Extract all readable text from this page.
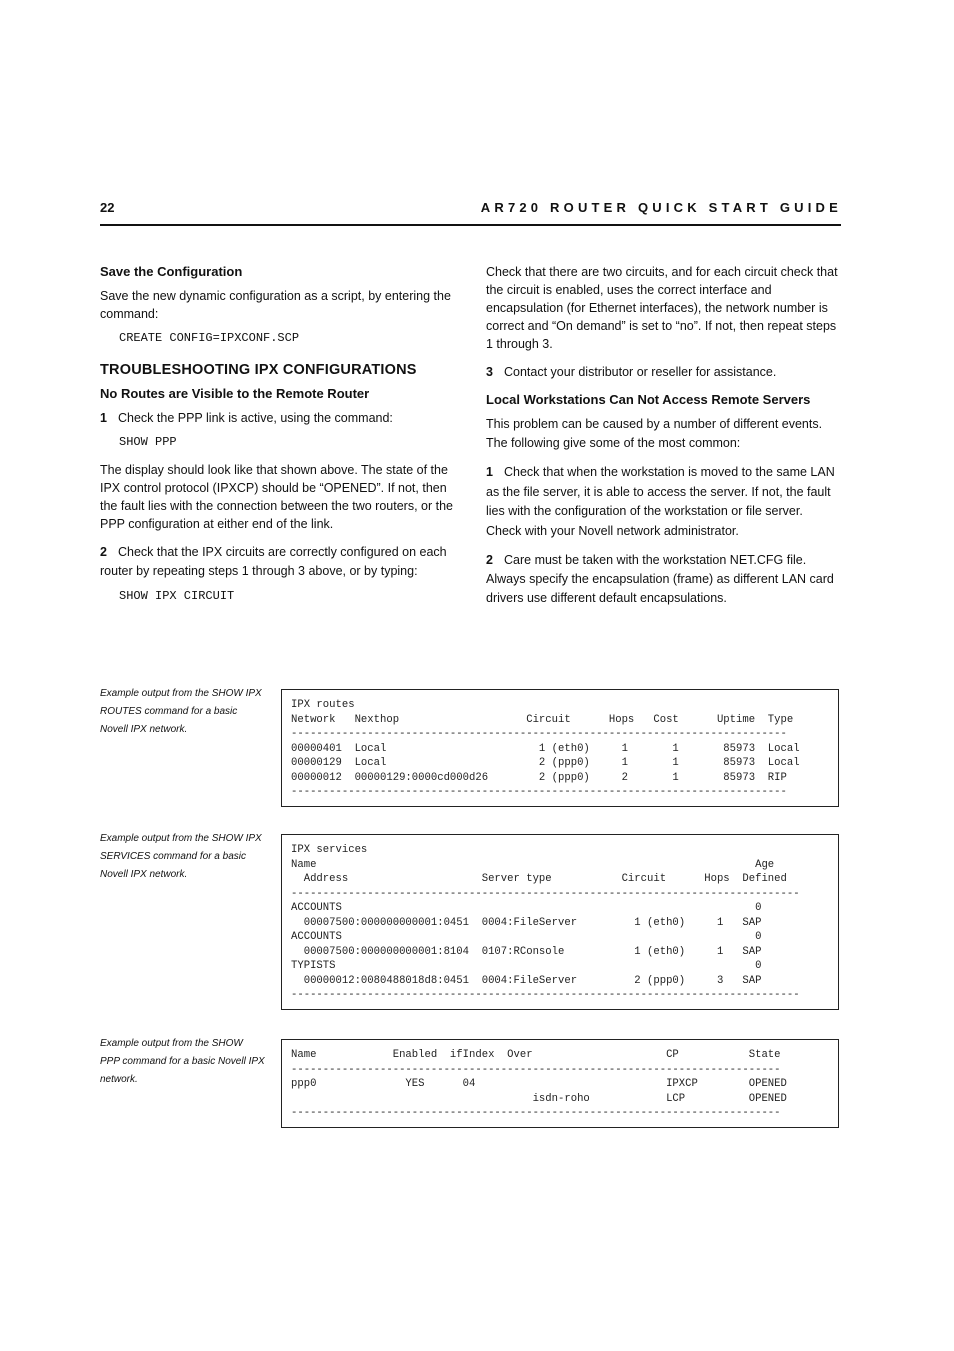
22	AR720 ROUTER QUICK START GUIDE
Save the Configuration

Save the new dynamic configuration as a script, by entering the command:

CREATE CONFIG=IPXCONF.SCP
TROUBLESHOOTING IPX CONFIGURATIONS
No Routes are Visible to the Remote Router

1 Check the PPP link is active, using the command:

SHOW PPP

The display should look like that shown above. The state of the IPX control protocol (IPXCP) should be “OPENED”. If not, then the fault lies with the connection between the two routers, or the PPP configuration at either end of the link.

2 Check that the IPX circuits are correctly configured on each router by repeating steps 1 through 3 above, or by typing:

SHOW IPX CIRCUIT

Check that there are two circuits, and for each circuit check that the circuit is enabled, uses the correct interface and encapsulation (for Ethernet interfaces), the network number is correct and “On demand” is set to “no”. If not, then repeat steps 1 through 3.

3 Contact your distributor or reseller for assistance.

Local Workstations Can Not Access Remote Servers

This problem can be caused by a number of different events. The following give some of the most common:

1 Check that when the workstation is moved to the same LAN as the file server, it is able to access the server. If not, the fault lies with the configuration of the workstation or file server. Check with your Novell network administrator.

2 Care must be taken with the workstation NET.CFG file. Always specify the encapsulation (frame) as different LAN card drivers use different default encapsulations.

Example output from the SHOW IPX ROUTES command for a basic Novell IPX network.
IPX routes
Network   Nexthop                    Circuit      Hops   Cost      Uptime  Type
------------------------------------------------------------------------------
00000401  Local                        1 (eth0)     1       1       85973  Local
00000129  Local                        2 (ppp0)     1       1       85973  Local
00000012  00000129:0000cd000d26        2 (ppp0)     2       1       85973  RIP
------------------------------------------------------------------------------
Example output from the SHOW IPX SERVICES command for a basic Novell IPX network.
IPX services
Name                                                                     Age
Address                     Server type           Circuit      Hops  Defined
--------------------------------------------------------------------------------
ACCOUNTS                                                                 0
00007500:000000000001:0451  0004:FileServer         1 (eth0)     1   SAP
ACCOUNTS                                                                 0
00007500:000000000001:8104  0107:RConsole           1 (eth0)     1   SAP
TYPISTS                                                                  0
00000012:0080488018d8:0451  0004:FileServer         2 (ppp0)     3   SAP
--------------------------------------------------------------------------------
Example output from the SHOW PPP command for a basic Novell IPX network.
Name            Enabled  ifIndex  Over                     CP           State
-----------------------------------------------------------------------------
ppp0              YES      04                              IPXCP        OPENED
isdn-roho            LCP          OPENED
-----------------------------------------------------------------------------
